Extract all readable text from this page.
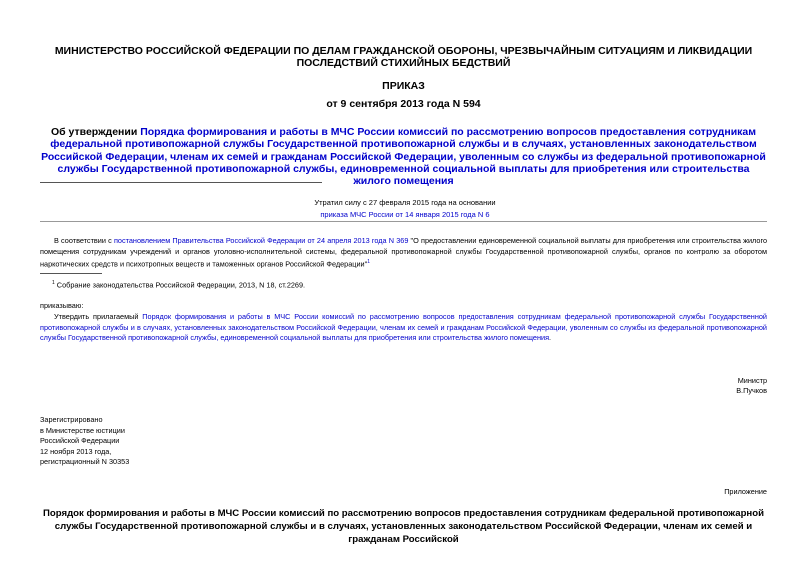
МИНИСТЕРСТВО РОССИЙСКОЙ ФЕДЕРАЦИИ ПО ДЕЛАМ ГРАЖДАНСКОЙ ОБОРОНЫ, ЧРЕЗВЫЧАЙНЫМ СИТУАЦИЯМ И ЛИКВИДАЦИИ ПОСЛЕДСТВИЙ СТИХИЙНЫХ БЕДСТВИЙ
ПРИКАЗ
от 9 сентября 2013 года N 594
Об утверждении Порядка формирования и работы в МЧС России комиссий по рассмотрению вопросов предоставления сотрудникам федеральной противопожарной службы Государственной противопожарной службы и в случаях, установленных законодательством Российской Федерации, членам их семей и гражданам Российской Федерации, уволенным со службы из федеральной противопожарной службы Государственной противопожарной службы, единовременной социальной выплаты для приобретения или строительства жилого помещения
Утратил силу с 27 февраля 2015 года на основании
приказа МЧС России от 14 января 2015 года N 6
В соответствии с постановлением Правительства Российской Федерации от 24 апреля 2013 года N 369 "О предоставлении единовременной социальной выплаты для приобретения или строительства жилого помещения сотрудникам учреждений и органов уголовно-исполнительной системы, федеральной противопожарной службы Государственной противопожарной службы, органов по контролю за оборотом наркотических средств и психотропных веществ и таможенных органов Российской Федерации"$^1$
$^1$ Собрание законодательства Российской Федерации, 2013, N 18, ст.2269.
приказываю:
Утвердить прилагаемый Порядок формирования и работы в МЧС России комиссий по рассмотрению вопросов предоставления сотрудникам федеральной противопожарной службы Государственной противопожарной службы и в случаях, установленных законодательством Российской Федерации, членам их семей и гражданам Российской Федерации, уволенным со службы из федеральной противопожарной службы Государственной противопожарной службы, единовременной социальной выплаты для приобретения или строительства жилого помещения.
Министр
В.Пучков
Зарегистрировано
в Министерстве юстиции
Российской Федерации
12 ноября 2013 года,
регистрационный N 30353
Приложение
Порядок формирования и работы в МЧС России комиссий по рассмотрению вопросов предоставления сотрудникам федеральной противопожарной службы Государственной противопожарной службы и в случаях, установленных законодательством Российской Федерации, членам их семей и гражданам Российской
